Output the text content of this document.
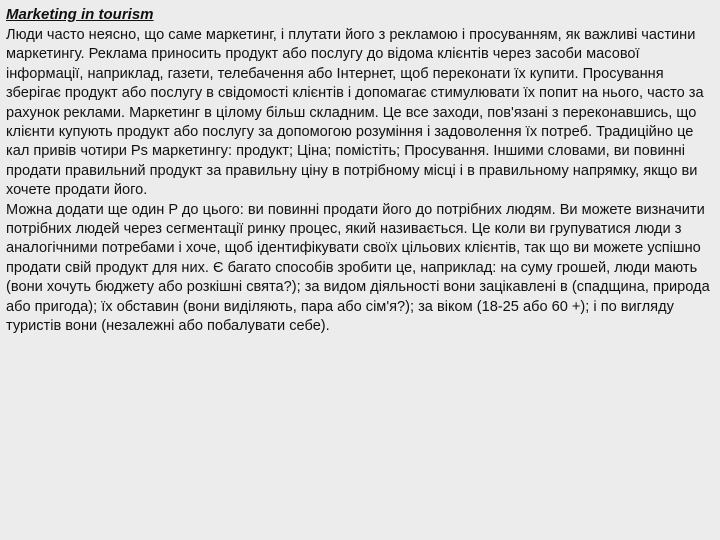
Marketing in tourism

Люди часто неясно, що саме маркетинг, і плутати його з рекламою і просуванням, як важливі частини маркетингу. Реклама приносить продукт або послугу до відома клієнтів через засоби масової інформації, наприклад, газети, телебачення або Інтернет, щоб переконати їх купити. Просування зберігає продукт або послугу в свідомості клієнтів і допомагає стимулювати їх попит на нього, часто за рахунок реклами. Маркетинг в цілому більш складним. Це все заходи, пов'язані з переконавшись, що клієнти купують продукт або послугу за допомогою розуміння і задоволення їх потреб. Традиційно це кал привів чотири Ps маркетингу: продукт; Ціна; помістіть; Просування. Іншими словами, ви повинні продати правильний продукт за правильну ціну в потрібному місці і в правильному напрямку, якщо ви хочете продати його.

Можна додати ще один P до цього: ви повинні продати його до потрібних людям. Ви можете визначити потрібних людей через сегментації ринку процес, який називається. Це коли ви групуватися люди з аналогічними потребами і хоче, щоб ідентифікувати своїх цільових клієнтів, так що ви можете успішно продати свій продукт для них. Є багато способів зробити це, наприклад: на суму грошей, люди мають (вони хочуть бюджету або розкішні свята?); за видом діяльності вони зацікавлені в (спадщина, природа або пригода); їх обставин (вони виділяють, пара або сім'я?); за віком (18-25 або 60 +); і по вигляду туристів вони (незалежні або побалувати себе).
